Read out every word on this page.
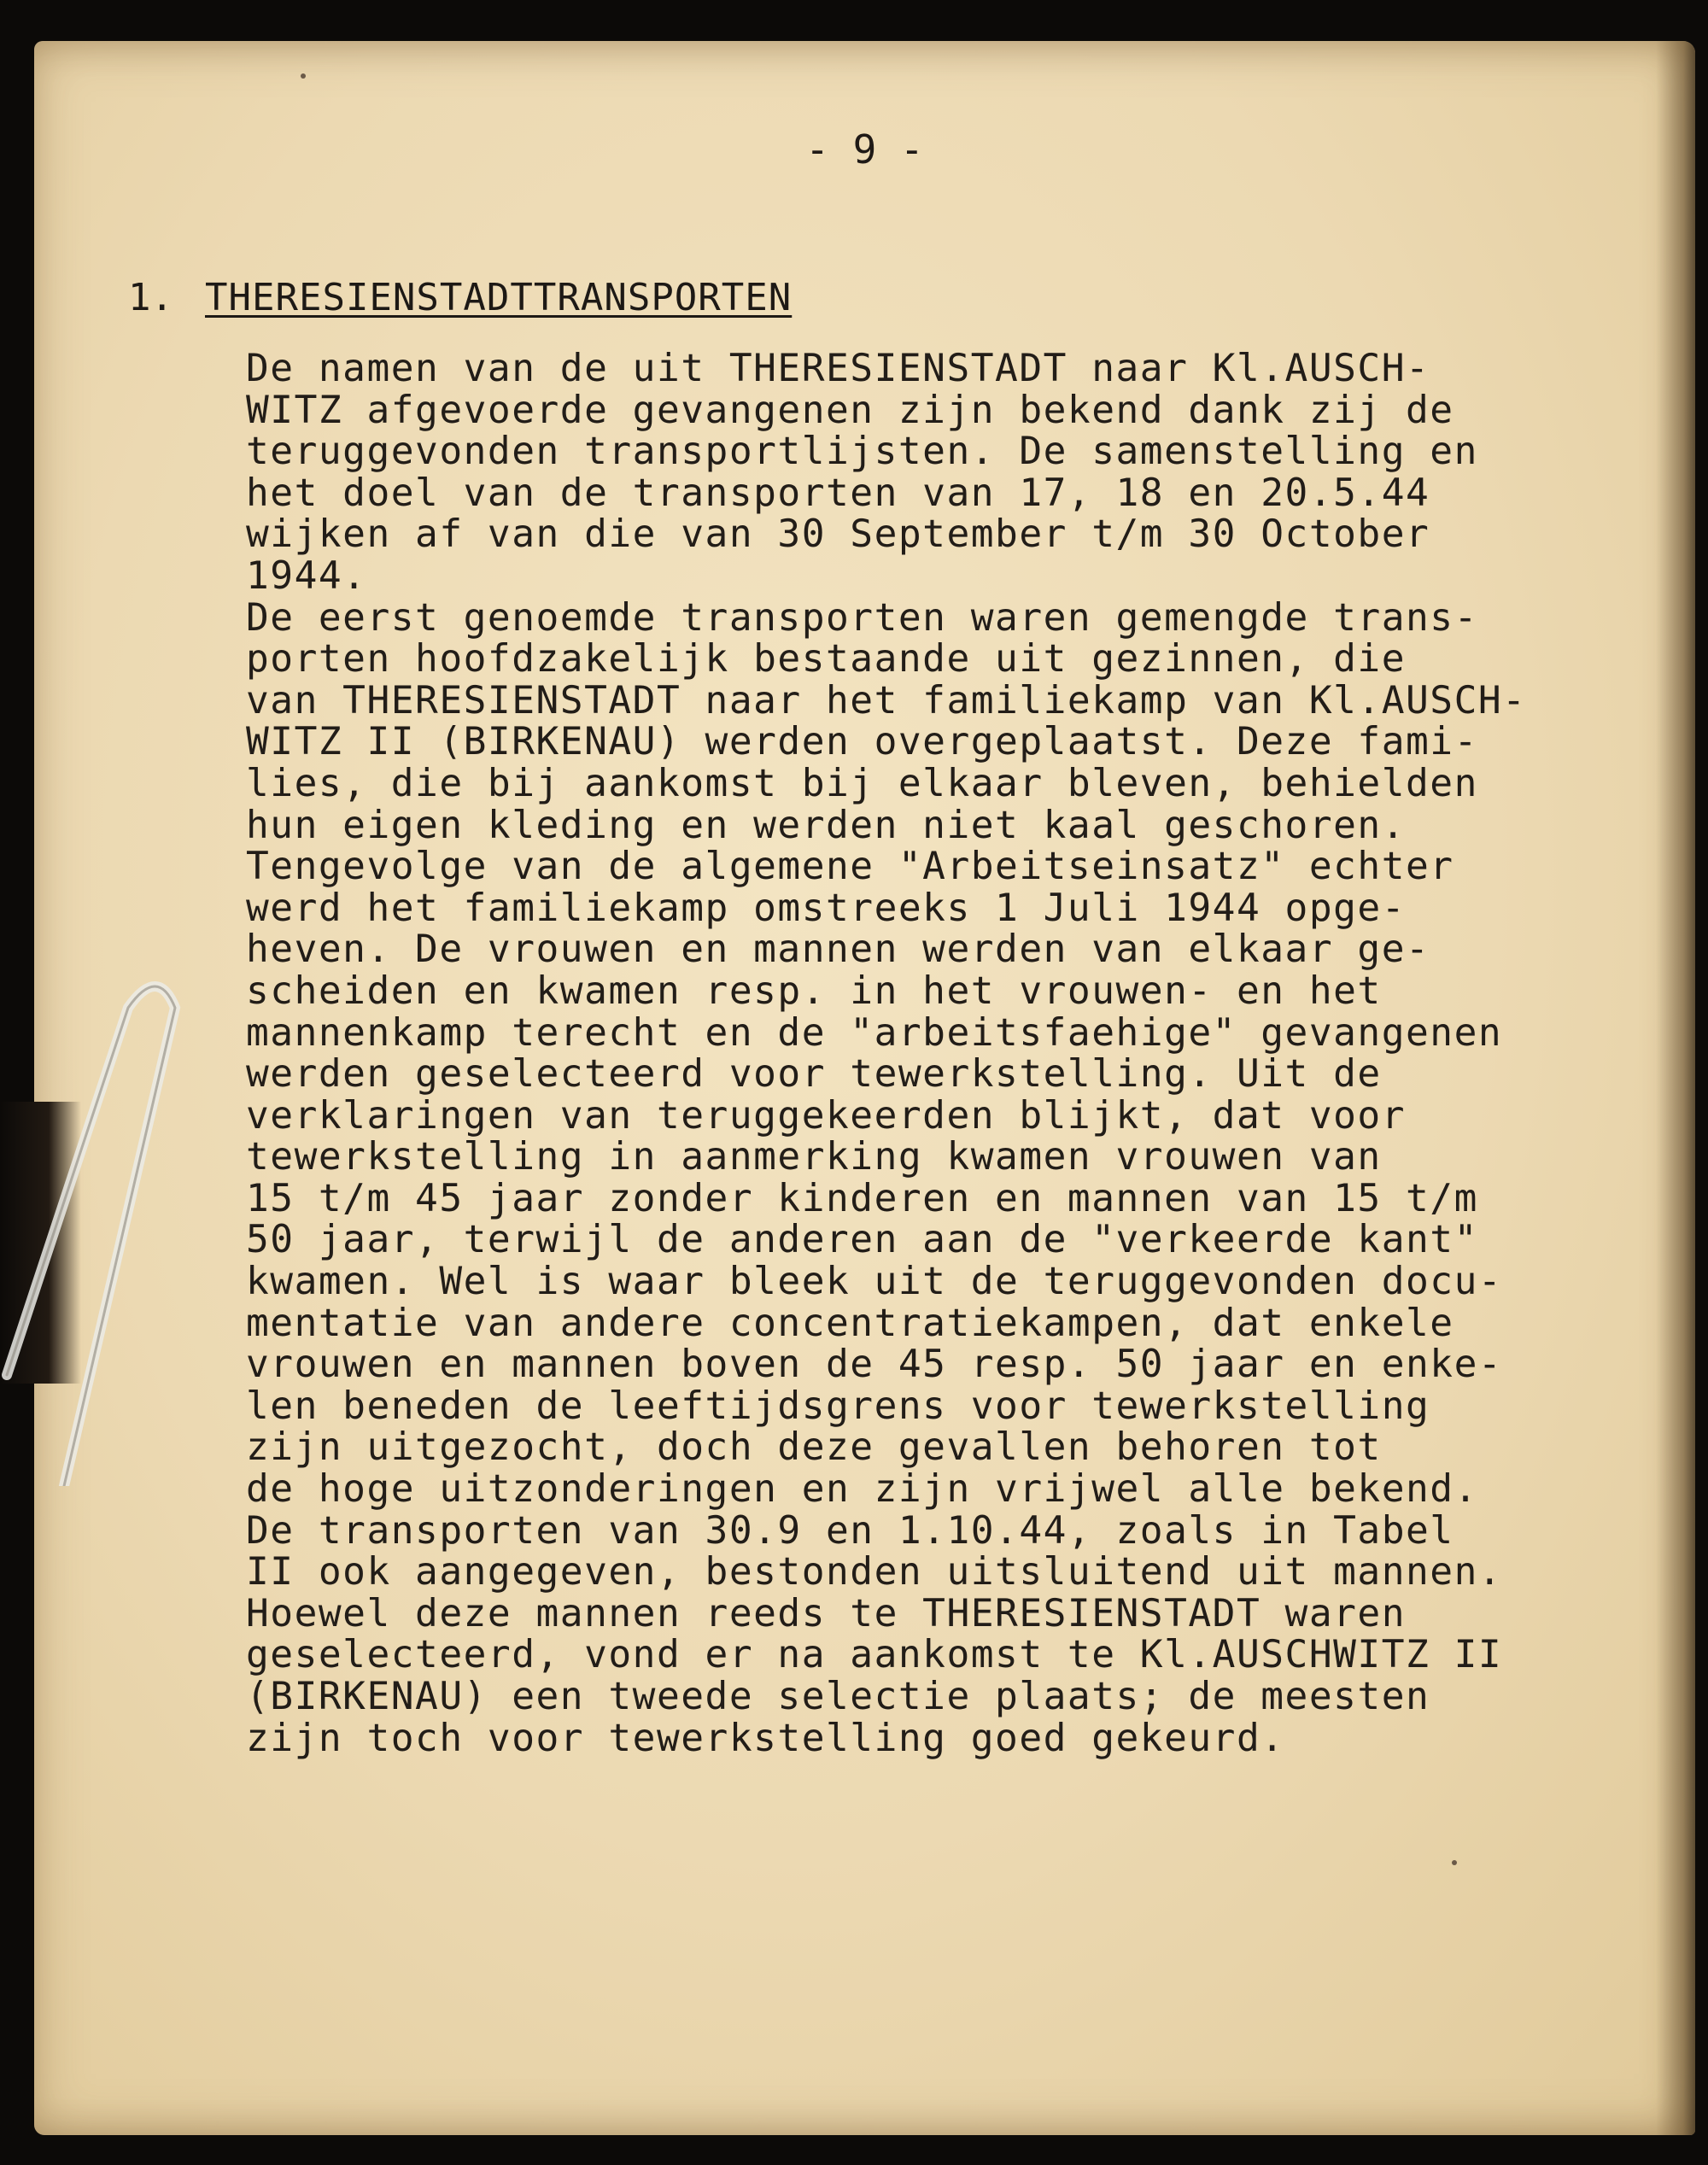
- 9 -
1. THERESIENSTADTTRANSPORTEN
De namen van de uit THERESIENSTADT naar Kl.AUSCH-
WITZ afgevoerde gevangenen zijn bekend dank zij de
teruggevonden transportlijsten. De samenstelling en
het doel van de transporten van 17, 18 en 20.5.44
wijken af van die van 30 September t/m 30 October
1944.
De eerst genoemde transporten waren gemengde trans-
porten hoofdzakelijk bestaande uit gezinnen, die
van THERESIENSTADT naar het familiekamp van Kl.AUSCH-
WITZ II (BIRKENAU) werden overgeplaatst. Deze fami-
lies, die bij aankomst bij elkaar bleven, behielden
hun eigen kleding en werden niet kaal geschoren.
Tengevolge van de algemene "Arbeitseinsatz" echter
werd het familiekamp omstreeks 1 Juli 1944 opge-
heven. De vrouwen en mannen werden van elkaar ge-
scheiden en kwamen resp. in het vrouwen- en het
mannenkamp terecht en de "arbeitsfaehige" gevangenen
werden geselecteerd voor tewerkstelling. Uit de
verklaringen van teruggekeerden blijkt, dat voor
tewerkstelling in aanmerking kwamen vrouwen van
15 t/m 45 jaar zonder kinderen en mannen van 15 t/m
50 jaar, terwijl de anderen aan de "verkeerde kant"
kwamen. Wel is waar bleek uit de teruggevonden docu-
mentatie van andere concentratiekampen, dat enkele
vrouwen en mannen boven de 45 resp. 50 jaar en enke-
len beneden de leeftijdsgrens voor tewerkstelling
zijn uitgezocht, doch deze gevallen behoren tot
de hoge uitzonderingen en zijn vrijwel alle bekend.
De transporten van 30.9 en 1.10.44, zoals in Tabel
II ook aangegeven, bestonden uitsluitend uit mannen.
Hoewel deze mannen reeds te THERESIENSTADT waren
geselecteerd, vond er na aankomst te Kl.AUSCHWITZ II
(BIRKENAU) een tweede selectie plaats; de meesten
zijn toch voor tewerkstelling goed gekeurd.
